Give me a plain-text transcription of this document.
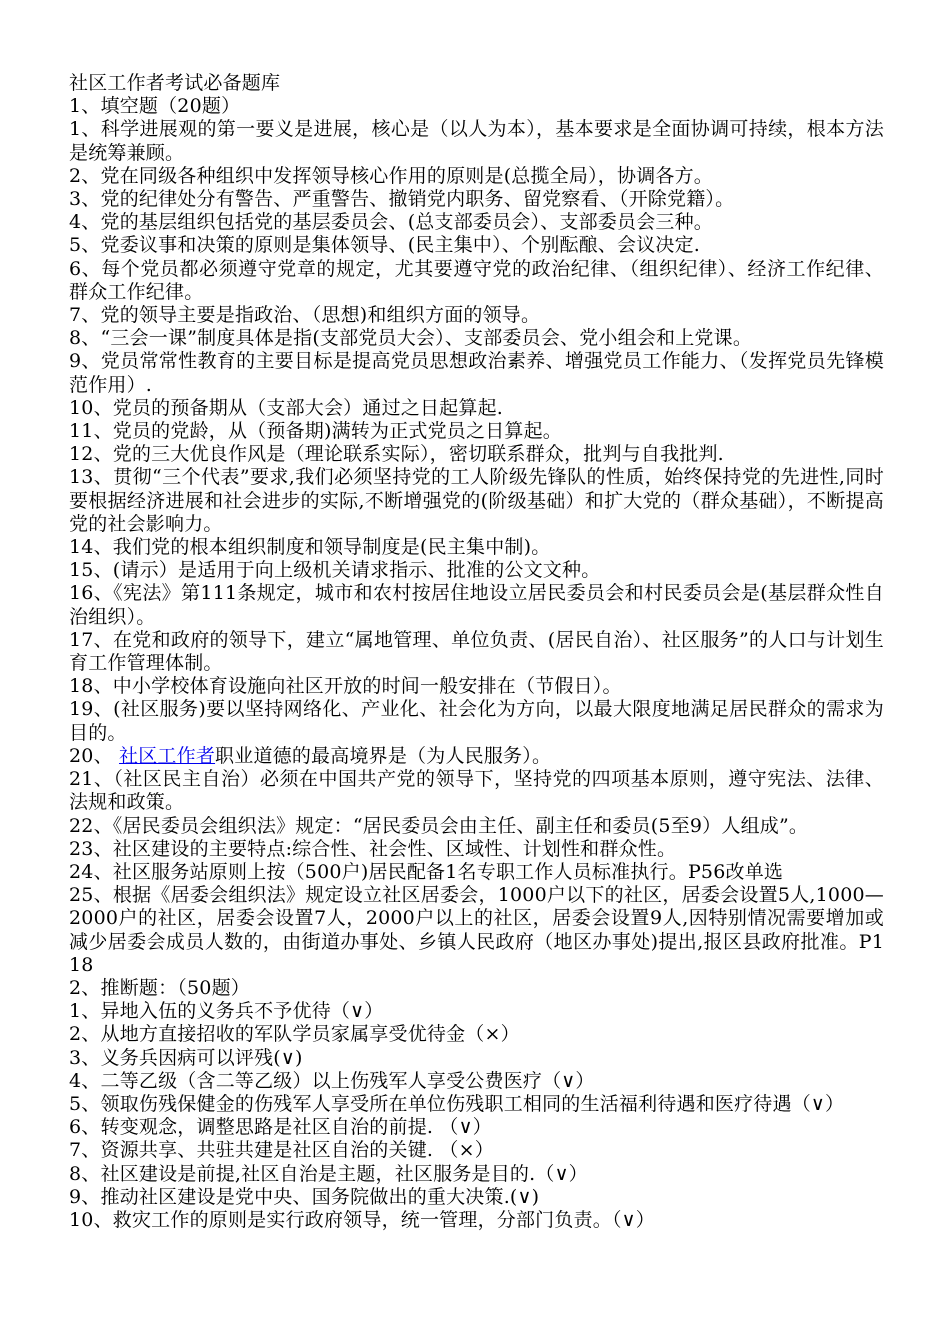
社区工作者考试必备题库

1、填空题（20题）

1、科学进展观的第一要义是进展，核心是（以人为本），基本要求是全面协调可持续，根本方法是统筹兼顾。

2、党在同级各种组织中发挥领导核心作用的原则是(总揽全局），协调各方。

3、党的纪律处分有警告、严重警告、撤销党内职务、留党察看、（开除党籍）。

4、党的基层组织包括党的基层委员会、(总支部委员会）、支部委员会三种。

5、党委议事和决策的原则是集体领导、(民主集中）、个别酝酿、会议决定.

6、每个党员都必须遵守党章的规定，尤其要遵守党的政治纪律、（组织纪律）、经济工作纪律、群众工作纪律。

7、党的领导主要是指政治、（思想)和组织方面的领导。

8、“三会一课”制度具体是指(支部党员大会）、支部委员会、党小组会和上党课。

9、党员常常性教育的主要目标是提高党员思想政治素养、增强党员工作能力、（发挥党员先锋模范作用）.

10、党员的预备期从（支部大会）通过之日起算起.

11、党员的党龄，从（预备期)满转为正式党员之日算起。

12、党的三大优良作风是（理论联系实际），密切联系群众，批判与自我批判.

13、贯彻“三个代表”要求,我们必须坚持党的工人阶级先锋队的性质，始终保持党的先进性,同时要根据经济进展和社会进步的实际,不断增强党的(阶级基础）和扩大党的（群众基础），不断提高党的社会影响力。

14、我们党的根本组织制度和领导制度是(民主集中制)。

15、(请示）是适用于向上级机关请求指示、批准的公文文种。

16、《宪法》第111条规定，城市和农村按居住地设立居民委员会和村民委员会是(基层群众性自治组织）。

17、在党和政府的领导下，建立“属地管理、单位负责、(居民自治）、社区服务”的人口与计划生育工作管理体制。

18、中小学校体育设施向社区开放的时间一般安排在（节假日）。

19、(社区服务)要以坚持网络化、产业化、社会化为方向，以最大限度地满足居民群众的需求为目的。

20、 社区工作者职业道德的最高境界是（为人民服务）。

21、（社区民主自治）必须在中国共产党的领导下，坚持党的四项基本原则，遵守宪法、法律、法规和政策。

22、《居民委员会组织法》规定：“居民委员会由主任、副主任和委员(5至9）人组成”。

23、社区建设的主要特点:综合性、社会性、区域性、计划性和群众性。

24、社区服务站原则上按（500户)居民配备1名专职工作人员标准执行。P56改单选

25、根据《居委会组织法》规定设立社区居委会，1000户以下的社区，居委会设置5人,1000—2000户的社区，居委会设置7人，2000户以上的社区，居委会设置9人,因特别情况需要增加或减少居委会成员人数的，由街道办事处、乡镇人民政府（地区办事处)提出,报区县政府批准。P118

2、推断题：（50题）

1、异地入伍的义务兵不予优待（∨）

2、从地方直接招收的军队学员家属享受优待金（×）

3、义务兵因病可以评残(∨)

4、二等乙级（含二等乙级）以上伤残军人享受公费医疗（∨）

5、领取伤残保健金的伤残军人享受所在单位伤残职工相同的生活福利待遇和医疗待遇（∨）

6、转变观念，调整思路是社区自治的前提. （∨）

7、资源共享、共驻共建是社区自治的关键. （×）

8、社区建设是前提,社区自治是主题，社区服务是目的.（∨）

9、推动社区建设是党中央、国务院做出的重大决策.(∨)

10、救灾工作的原则是实行政府领导，统一管理，分部门负责。（∨）
